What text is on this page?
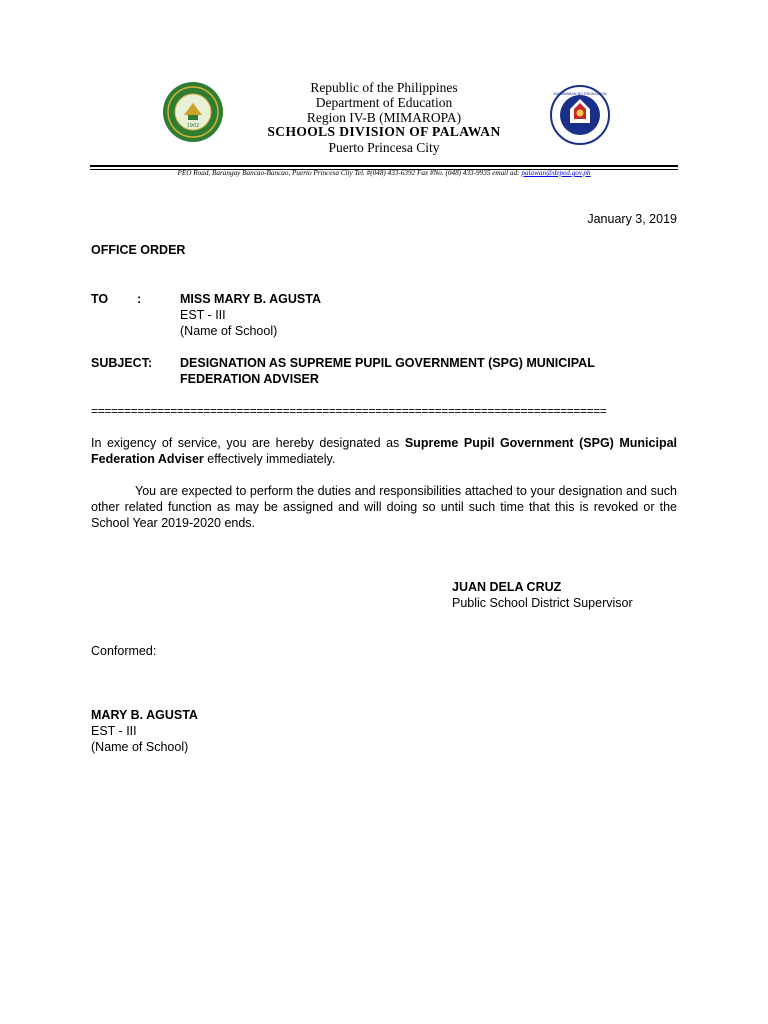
1902
Republic of the Philippines
Department of Education
Region IV-B (MIMAROPA)
SCHOOLS DIVISION OF PALAWAN
Puerto Princesa City
KAGAWARAN NG EDUKASYON
PEO Road, Barangay Bancao-Bancao, Puerto Princesa City Tel. #(048) 433-6392 Fax #No. (048) 433-9935 email ad: palawan@deped.gov.ph
January 3, 2019
OFFICE ORDER
TO :	MISS MARY B. AGUSTA
EST - III
(Name of School)
SUBJECT: DESIGNATION AS SUPREME PUPIL GOVERNMENT (SPG) MUNICIPAL
FEDERATION ADVISER
==============================================================================
In exigency of service, you are hereby designated as Supreme Pupil Government (SPG) Municipal Federation Adviser effectively immediately.
You are expected to perform the duties and responsibilities attached to your designation and such other related function as may be assigned and will doing so until such time that this is revoked or the School Year 2019-2020 ends.
JUAN DELA CRUZ
Public School District Supervisor
Conformed:
MARY B. AGUSTA
EST - III
(Name of School)
